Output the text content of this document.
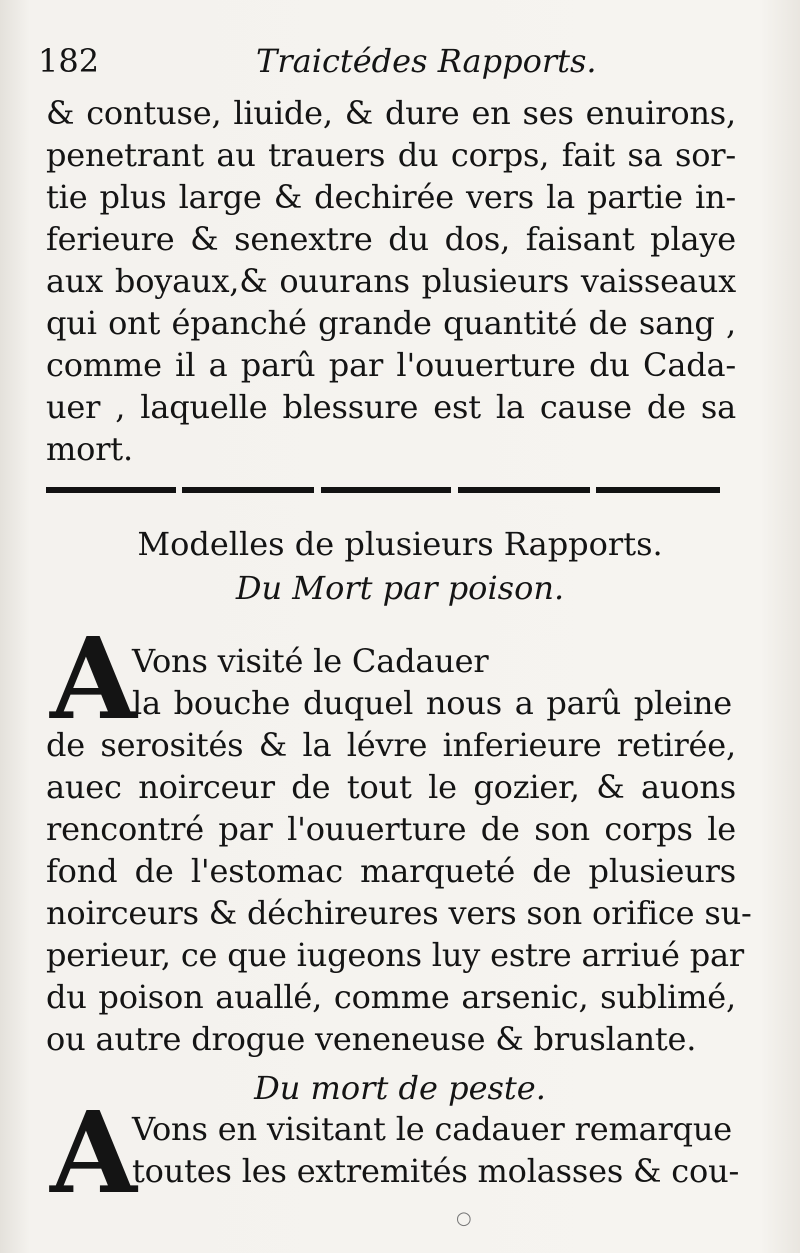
182	Traictédes Rapports.
& contuse, liuide, & dure en ses enuirons,
penetrant au trauers du corps, fait sa sor-
tie plus large & dechirée vers la partie in-
ferieure & senextre du dos, faisant playe
aux boyaux,& ouurans plusieurs vaisseaux
qui ont épanché grande quantité de sang ,
comme il a parû par l'ouuerture du Cada-
uer , laquelle blessure est la cause de sa
mort.
Modelles de plusieurs Rapports.
Du Mort par poison.
A
Vons visité le Cadauer
la bouche duquel nous a parû pleine
de serosités & la lévre inferieure retirée,
auec noirceur de tout le gozier, & auons
rencontré par l'ouuerture de son corps le
fond de l'estomac marqueté de plusieurs
noirceurs & déchireures vers son orifice su-
perieur, ce que iugeons luy estre arriué par
du poison auallé, comme arsenic, sublimé,
ou autre drogue veneneuse & bruslante.
Du mort de peste.
A
Vons en visitant le cadauer remarque
toutes les extremités molasses & cou-
○
